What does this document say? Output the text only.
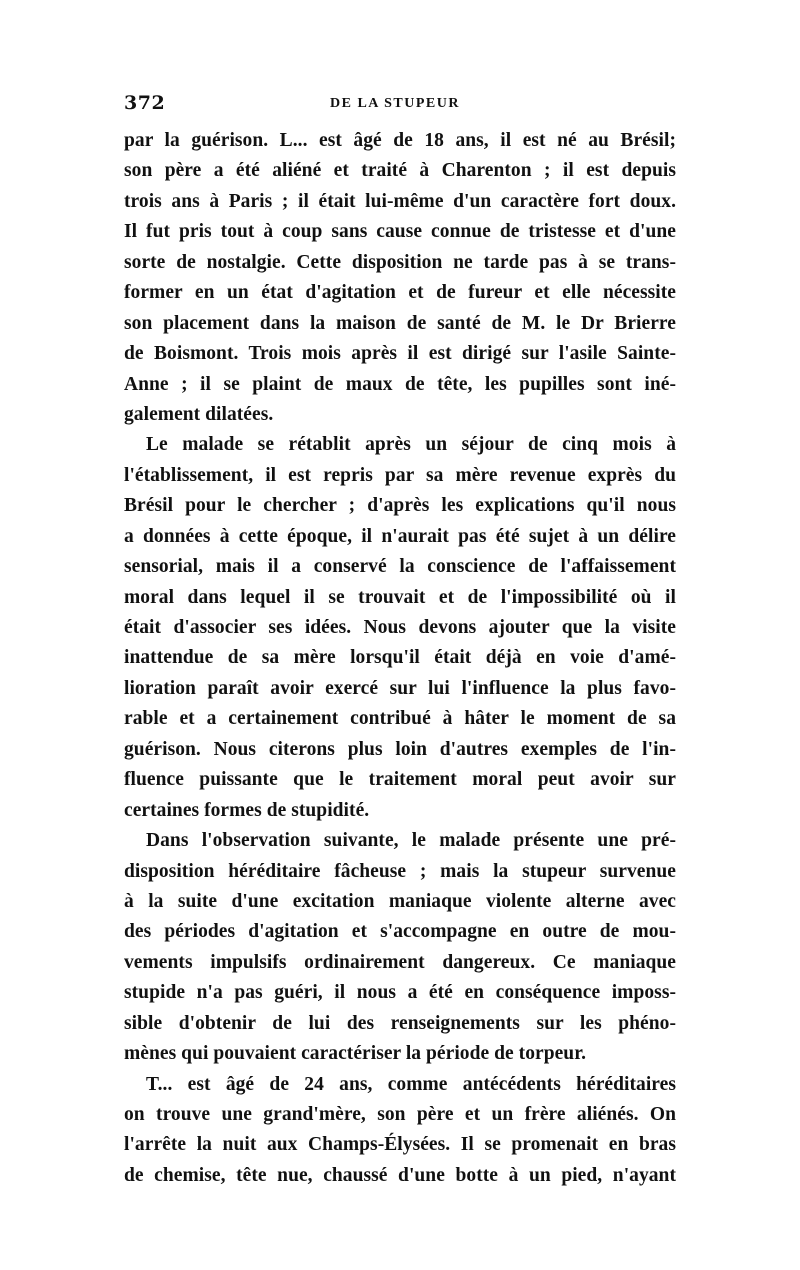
372	DE LA STUPEUR
par la guérison. L... est âgé de 18 ans, il est né au Brésil;
son père a été aliéné et traité à Charenton ; il est depuis
trois ans à Paris ; il était lui-même d'un caractère fort doux.
Il fut pris tout à coup sans cause connue de tristesse et d'une
sorte de nostalgie. Cette disposition ne tarde pas à se trans-
former en un état d'agitation et de fureur et elle nécessite
son placement dans la maison de santé de M. le Dr Brierre
de Boismont. Trois mois après il est dirigé sur l'asile Sainte-
Anne ; il se plaint de maux de tête, les pupilles sont iné-
galement dilatées.
Le malade se rétablit après un séjour de cinq mois à
l'établissement, il est repris par sa mère revenue exprès du
Brésil pour le chercher ; d'après les explications qu'il nous
a données à cette époque, il n'aurait pas été sujet à un délire
sensorial, mais il a conservé la conscience de l'affaissement
moral dans lequel il se trouvait et de l'impossibilité où il
était d'associer ses idées. Nous devons ajouter que la visite
inattendue de sa mère lorsqu'il était déjà en voie d'amé-
lioration paraît avoir exercé sur lui l'influence la plus favo-
rable et a certainement contribué à hâter le moment de sa
guérison. Nous citerons plus loin d'autres exemples de l'in-
fluence puissante que le traitement moral peut avoir sur
certaines formes de stupidité.
Dans l'observation suivante, le malade présente une pré-
disposition héréditaire fâcheuse ; mais la stupeur survenue
à la suite d'une excitation maniaque violente alterne avec
des périodes d'agitation et s'accompagne en outre de mou-
vements impulsifs ordinairement dangereux. Ce maniaque
stupide n'a pas guéri, il nous a été en conséquence imposs-
sible d'obtenir de lui des renseignements sur les phéno-
mènes qui pouvaient caractériser la période de torpeur.
T... est âgé de 24 ans, comme antécédents héréditaires
on trouve une grand'mère, son père et un frère aliénés. On
l'arrête la nuit aux Champs-Élysées. Il se promenait en bras
de chemise, tête nue, chaussé d'une botte à un pied, n'ayant
